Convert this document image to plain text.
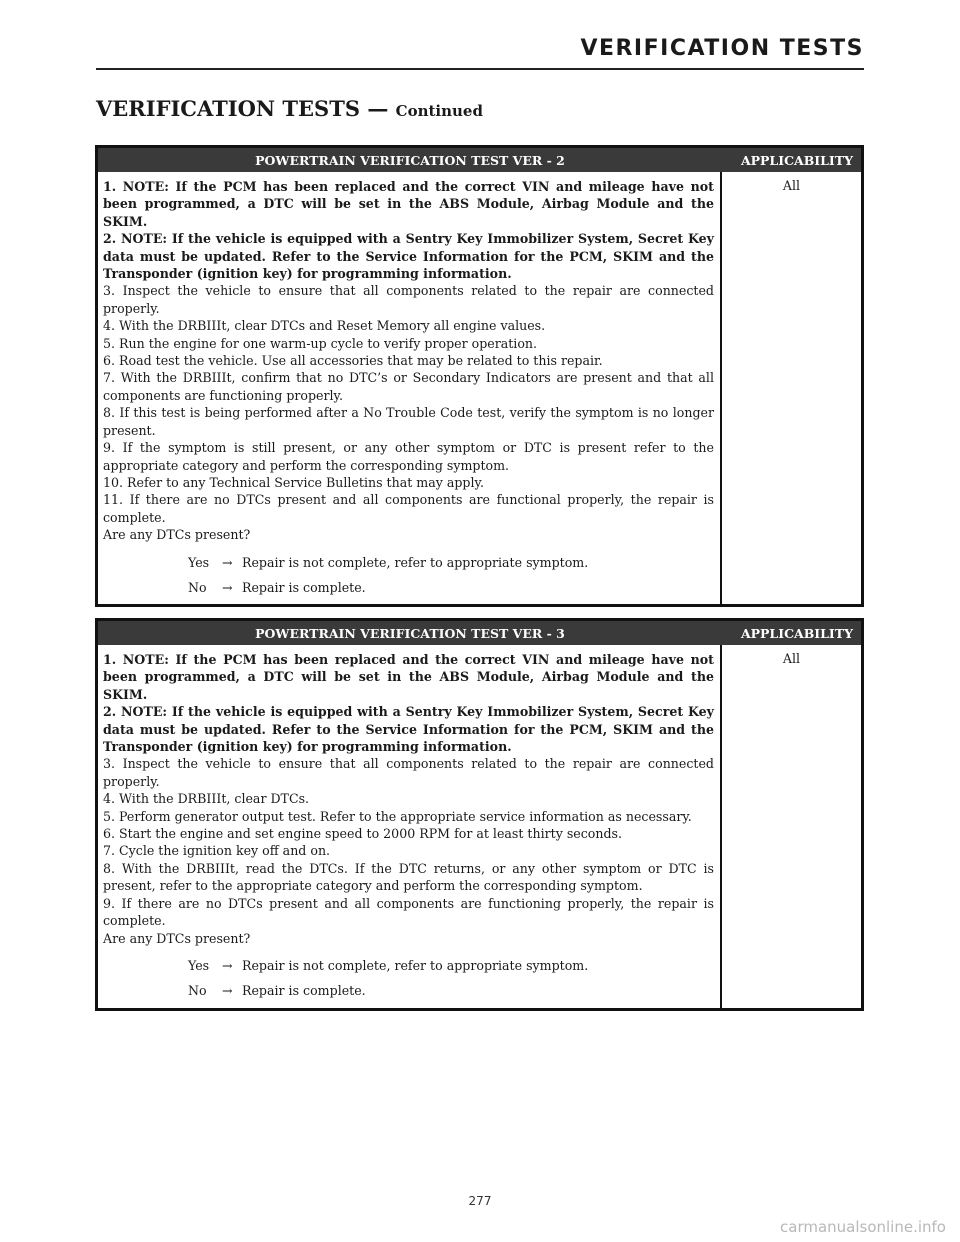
VERIFICATION TESTS
VERIFICATION TESTS — Continued
POWERTRAIN VERIFICATION TEST VER - 2	APPLICABILITY

1. NOTE: If the PCM has been replaced and the correct VIN and mileage have not been programmed, a DTC will be set in the ABS Module, Airbag Module and the SKIM.

2. NOTE: If the vehicle is equipped with a Sentry Key Immobilizer System, Secret Key data must be updated. Refer to the Service Information for the PCM, SKIM and the Transponder (ignition key) for programming information.

3. Inspect the vehicle to ensure that all components related to the repair are connected properly.

4. With the DRBIIIt, clear DTCs and Reset Memory all engine values.

5. Run the engine for one warm-up cycle to verify proper operation.

6. Road test the vehicle. Use all accessories that may be related to this repair.

7. With the DRBIIIt, confirm that no DTC’s or Secondary Indicators are present and that all components are functioning properly.

8. If this test is being performed after a No Trouble Code test, verify the symptom is no longer present.

9. If the symptom is still present, or any other symptom or DTC is present refer to the appropriate category and perform the corresponding symptom.

10. Refer to any Technical Service Bulletins that may apply.

11. If there are no DTCs present and all components are functional properly, the repair is complete.

Are any DTCs present?

Yes	→ Repair is not complete, refer to appropriate symptom.
No	→ Repair is complete.
All
POWERTRAIN VERIFICATION TEST VER - 3	APPLICABILITY

1. NOTE: If the PCM has been replaced and the correct VIN and mileage have not been programmed, a DTC will be set in the ABS Module, Airbag Module and the SKIM.

2. NOTE: If the vehicle is equipped with a Sentry Key Immobilizer System, Secret Key data must be updated. Refer to the Service Information for the PCM, SKIM and the Transponder (ignition key) for programming information.

3. Inspect the vehicle to ensure that all components related to the repair are connected properly.

4. With the DRBIIIt, clear DTCs.

5. Perform generator output test. Refer to the appropriate service information as necessary.

6. Start the engine and set engine speed to 2000 RPM for at least thirty seconds.

7. Cycle the ignition key off and on.

8. With the DRBIIIt, read the DTCs. If the DTC returns, or any other symptom or DTC is present, refer to the appropriate category and perform the corresponding symptom.

9. If there are no DTCs present and all components are functioning properly, the repair is complete.

Are any DTCs present?

Yes	→ Repair is not complete, refer to appropriate symptom.
No	→ Repair is complete.
All
277
carmanualsonline.info
